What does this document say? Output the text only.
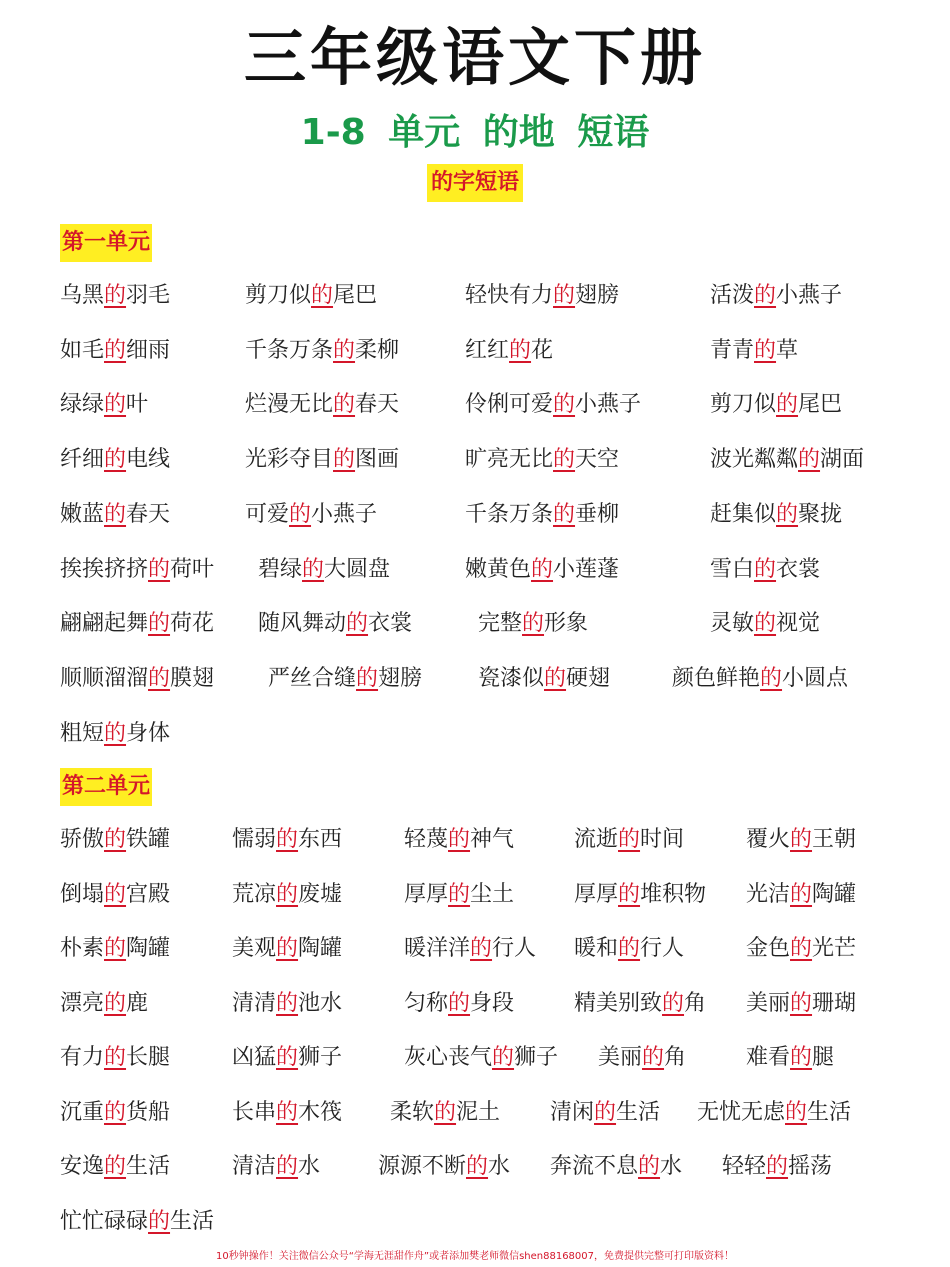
三年级语文下册
1-8 单元 的地 短语
的字短语
第一单元
乌黑的羽毛	剪刀似的尾巴	轻快有力的翅膀	活泼的小燕子
如毛的细雨	千条万条的柔柳	红红的花	青青的草
绿绿的叶	烂漫无比的春天	伶俐可爱的小燕子	剪刀似的尾巴
纤细的电线	光彩夺目的图画	旷亮无比的天空	波光粼粼的湖面
嫩蓝的春天	可爱的小燕子	千条万条的垂柳	赶集似的聚拢
挨挨挤挤的荷叶 碧绿的大圆盘	嫩黄色的小莲蓬	雪白的衣裳
翩翩起舞的荷花 随风舞动的衣裳	完整的形象	灵敏的视觉
顺顺溜溜的膜翅 严丝合缝的翅膀	瓷漆似的硬翅	颜色鲜艳的小圆点
粗短的身体
第二单元
骄傲的铁罐	懦弱的东西	轻蔑的神气	流逝的时间	覆火的王朝
倒塌的宫殿	荒凉的废墟	厚厚的尘土	厚厚的堆积物 光洁的陶罐
朴素的陶罐	美观的陶罐	暖洋洋的行人 暖和的行人	金色的光芒
漂亮的鹿	清清的池水	匀称的身段	精美别致的角 美丽的珊瑚
有力的长腿	凶猛的狮子	灰心丧气的狮子 美丽的角	难看的腿
沉重的货船	长串的木筏 柔软的泥土 清闲的生活 无忧无虑的生活
安逸的生活	清洁的水	源源不断的水 奔流不息的水 轻轻的摇荡
忙忙碌碌的生活
10秒钟操作！关注微信公众号“学海无涯甜作舟”或者添加樊老师微信shen88168007，免费提供完整可打印版资料！
